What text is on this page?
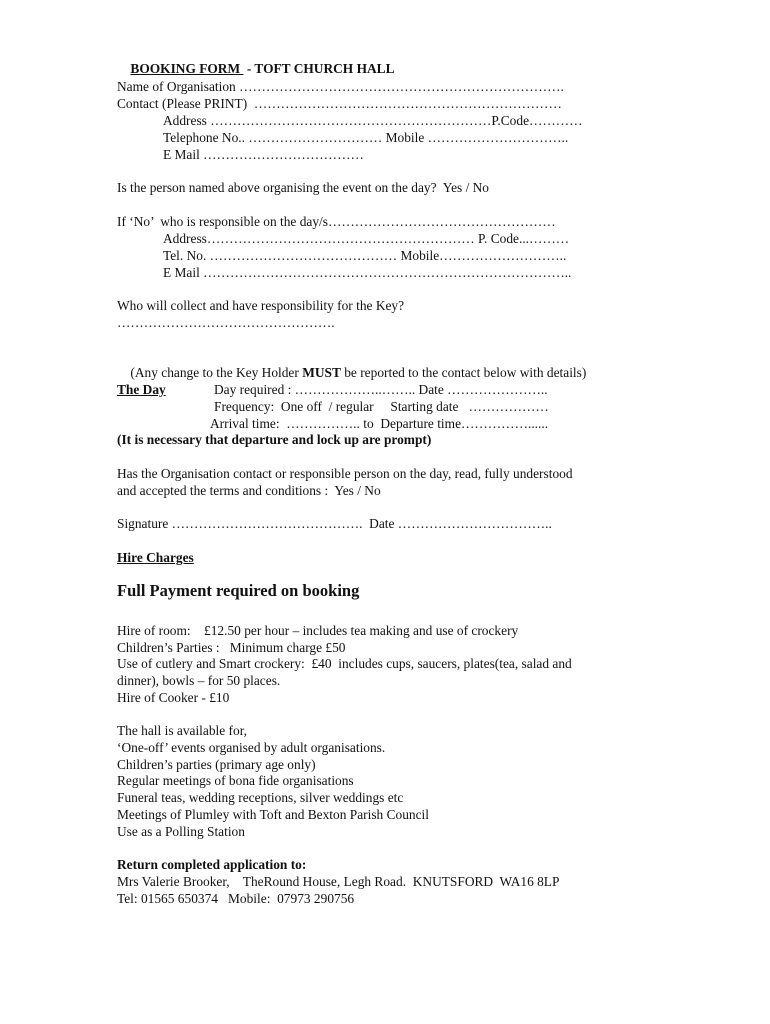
BOOKING FORM  - TOFT CHURCH HALL

Name of Organisation ……………………………………………………………….
Contact (Please PRINT)  ……………………………………………………………
Address ………………………………………………………P.Code…………
Telephone No.. ………………………… Mobile …………………………..
E Mail ………………………………
Is the person named above organising the event on the day?  Yes / No
If ‘No’  who is responsible on the day/s……………………………………………
Address…………………………………………………… P. Code...………
Tel. No. …………………………………… Mobile………………………..
E Mail ………………………………………………………………………..
Who will collect and have responsibility for the Key?
………………………………………….

(Any change to the Key Holder MUST be reported to the contact below with details)

The Day	Day required : ………………..…….. Date …………………..
Frequency:  One off  / regular     Starting date   ………………
Arrival time:  …………….. to  Departure time……………......
(It is necessary that departure and lock up are prompt)
Has the Organisation contact or responsible person on the day, read, fully understood
and accepted the terms and conditions :  Yes / No
Signature …………………………………….  Date ……………………………..
Hire Charges
Full Payment required on booking
Hire of room:    £12.50 per hour – includes tea making and use of crockery
Children’s Parties :   Minimum charge £50
Use of cutlery and Smart crockery:  £40  includes cups, saucers, plates(tea, salad and
dinner), bowls – for 50 places.
Hire of Cooker - £10
The hall is available for,
‘One-off’ events organised by adult organisations.
Children’s parties (primary age only)
Regular meetings of bona fide organisations
Funeral teas, wedding receptions, silver weddings etc
Meetings of Plumley with Toft and Bexton Parish Council
Use as a Polling Station
Return completed application to:
Mrs Valerie Brooker,    TheRound House, Legh Road.  KNUTSFORD  WA16 8LP
Tel: 01565 650374   Mobile:  07973 290756
